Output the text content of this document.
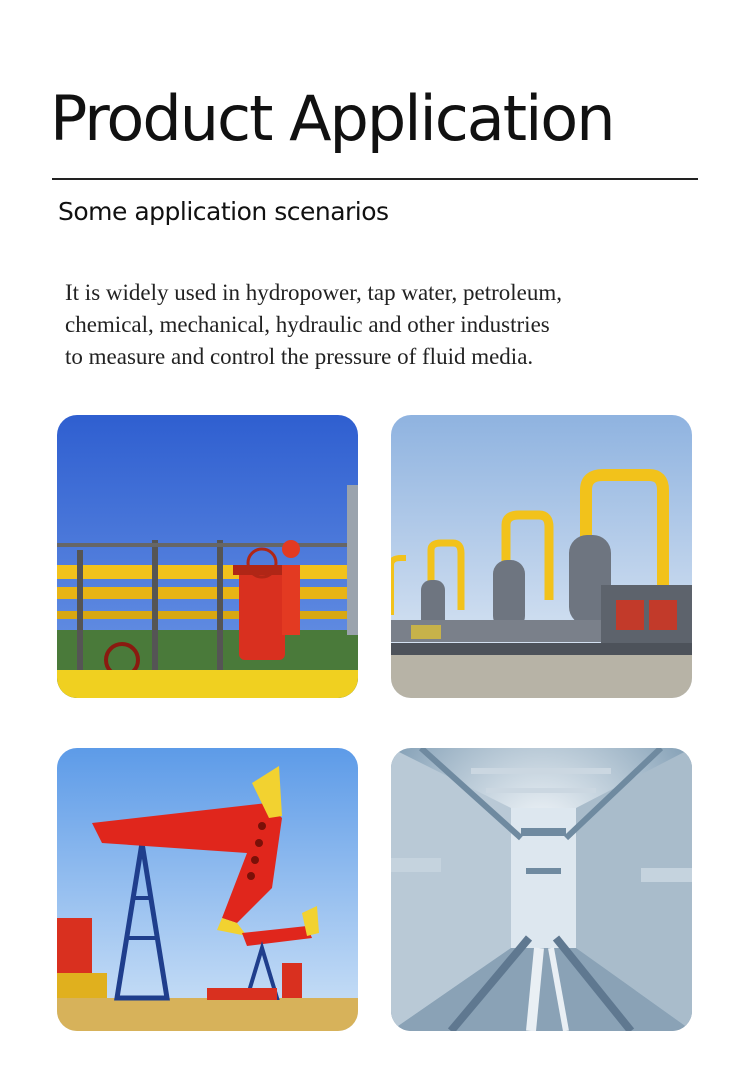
Product Application
Some application scenarios
It is widely used in hydropower, tap water, petroleum,
chemical, mechanical, hydraulic and other industries
to measure and control the pressure of fluid media.
